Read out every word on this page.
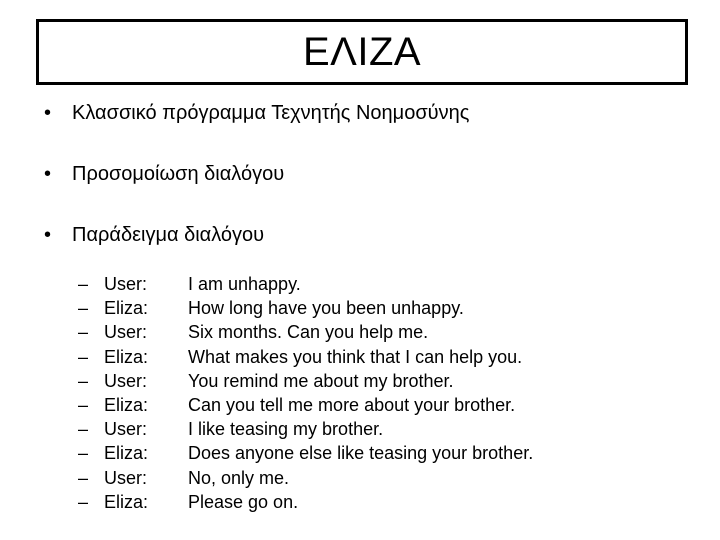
ΕΛΙΖΑ
• Κλασσικό πρόγραμμα Τεχνητής Νοημοσύνης
• Προσομοίωση διαλόγου
• Παράδειγμα διαλόγου
– User: I am unhappy.
– Eliza: How long have you been unhappy.
– User: Six months. Can you help me.
– Eliza: What makes you think that I can help you.
– User: You remind me about my brother.
– Eliza: Can you tell me more about your brother.
– User: I like teasing my brother.
– Eliza: Does anyone else like teasing your brother.
– User: No, only me.
– Eliza: Please go on.
